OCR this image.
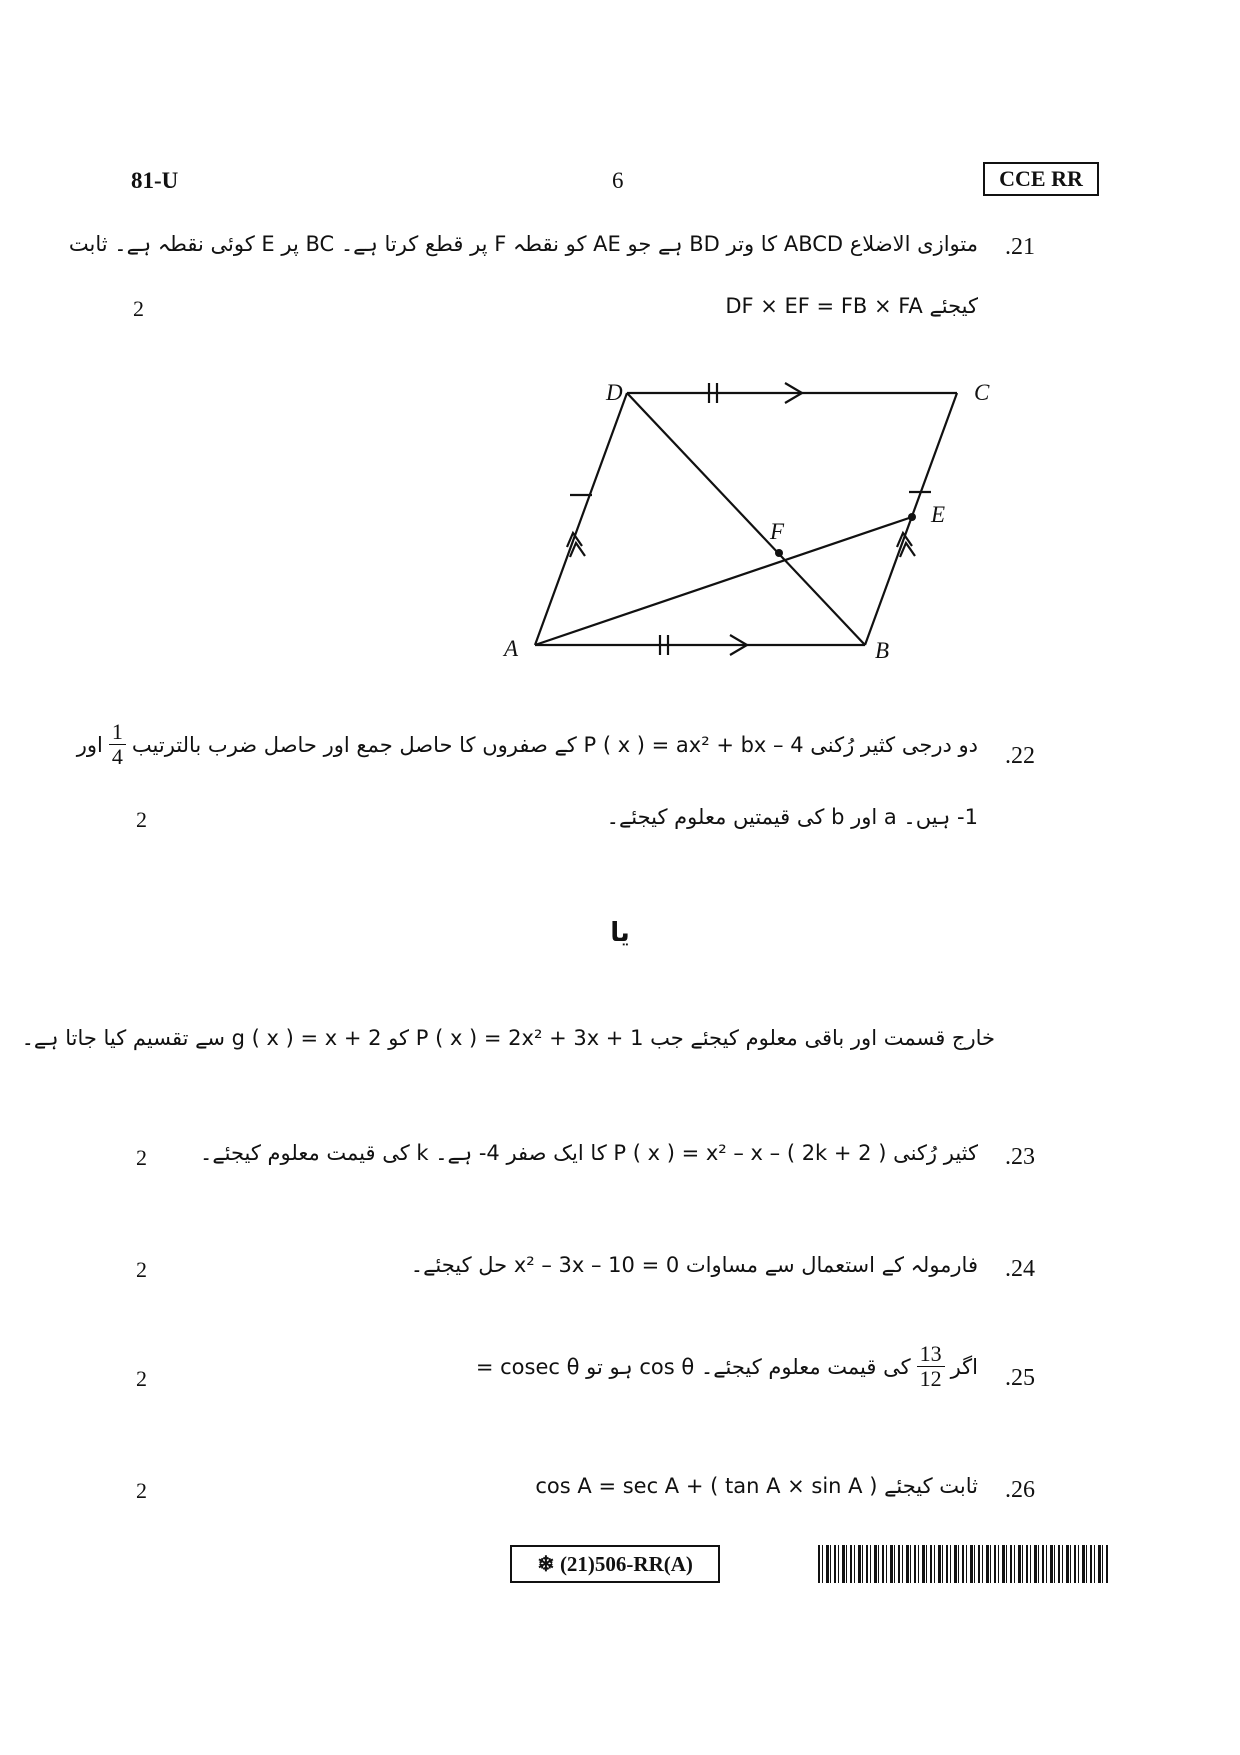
81-U	6	CCE RR
.21
متوازی الاضلاع ABCD کا وتر BD ہے جو AE کو نقطہ F پر قطع کرتا ہے۔ BC پر E کوئی نقطہ ہے۔ ثابت
DF × EF = FB × FA کیجئے
2
A	B
C
D
E
F
.22
اور $\frac{1}{4}$ دو درجی کثیر رُکنی P ( x ) = ax² + bx – 4 کے صفروں کا حاصل جمع اور حاصل ضرب بالترتیب
1- ہیں۔ a اور b کی قیمتیں معلوم کیجئے۔
2
یا
خارج قسمت اور باقی معلوم کیجئے جب P ( x ) = 2x² + 3x + 1 کو g ( x ) = x + 2 سے تقسیم کیا جاتا ہے۔
.23
کثیر رُکنی P ( x ) = x² – x – ( 2k + 2 ) کا ایک صفر 4- ہے۔ k کی قیمت معلوم کیجئے۔
2
.24
فارمولہ کے استعمال سے مساوات x² – 3x – 10 = 0 حل کیجئے۔
2
.25
= cosec θ ہو تو cos θ کی قیمت معلوم کیجئے۔ $\frac{13}{12}$ اگر
2
.26
ثابت کیجئے ( tan A × sin A ) + cos A = sec A
2
❄ (21)506-RR(A)
